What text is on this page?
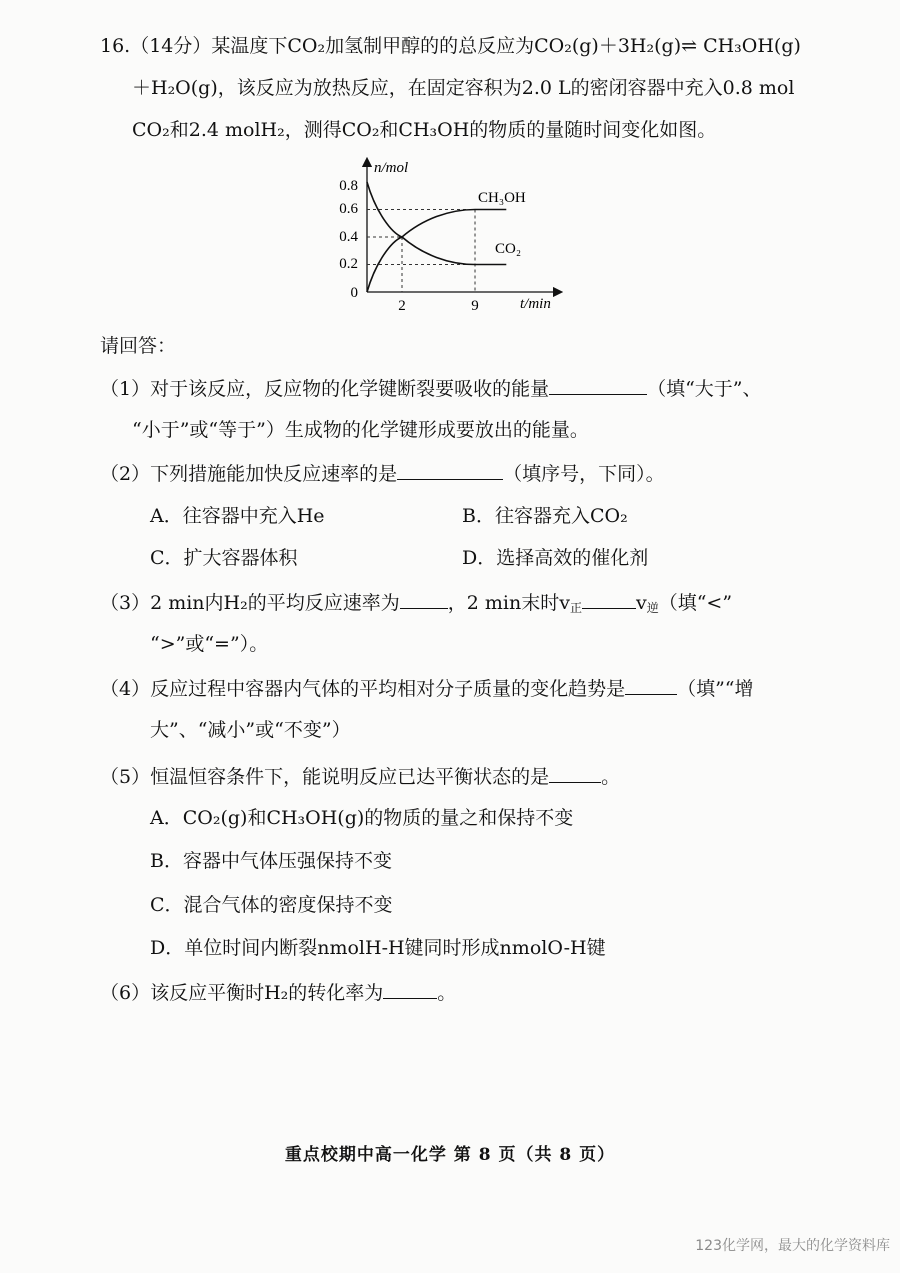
16.（14分）某温度下CO₂加氢制甲醇的的总反应为CO₂(g)＋3H₂(g)⇌ CH₃OH(g)
＋H₂O(g)，该反应为放热反应，在固定容积为2.0 L的密闭容器中充入0.8 mol
CO₂和2.4 molH₂，测得CO₂和CH₃OH的物质的量随时间变化如图。
n/mol
t/min
0.8
0.6
0.4
0.2
0
2	9
CH₃OH
CO₂
请回答：
（1）对于该反应，反应物的化学键断裂要吸收的能量	（填“大于”、
“小于”或“等于”）生成物的化学键形成要放出的能量。
（2）下列措施能加快反应速率的是	（填序号，下同）。
A．往容器中充入He	B．往容器充入CO₂
C．扩大容器体积	D．选择高效的催化剂
（3）2 min内H₂的平均反应速率为	，2 min末时$v_正$	$v_逆$（填“<”
“>”或“=”）。
（4）反应过程中容器内气体的平均相对分子质量的变化趋势是	（填”“增
大”、“减小”或“不变”）
（5）恒温恒容条件下，能说明反应已达平衡状态的是	。
A．CO₂(g)和CH₃OH(g)的物质的量之和保持不变
B．容器中气体压强保持不变
C．混合气体的密度保持不变
D．单位时间内断裂nmolH-H键同时形成nmolO-H键
（6）该反应平衡时H₂的转化率为	。
重点校期中高一化学 第 8 页（共 8 页）
123化学网，最大的化学资料库
